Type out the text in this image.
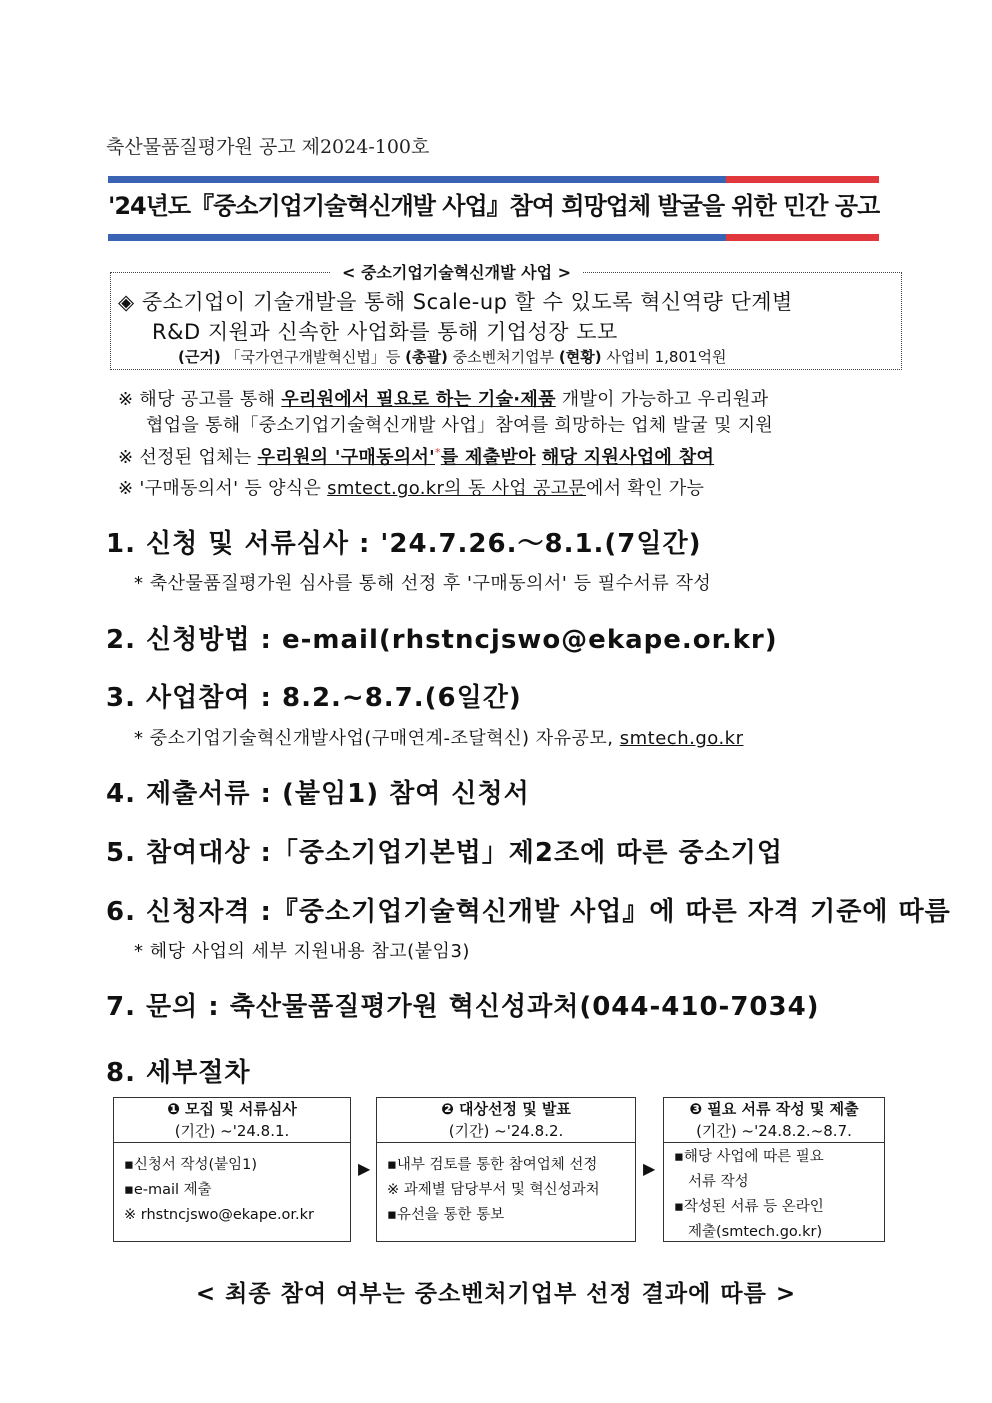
축산물품질평가원 공고 제2024-100호
'24년도『중소기업기술혁신개발 사업』참여 희망업체 발굴을 위한 민간 공고
< 중소기업기술혁신개발 사업 >
◈ 중소기업이 기술개발을 통해 Scale-up 할 수 있도록 혁신역량 단계별
R&D 지원과 신속한 사업화를 통해 기업성장 도모
(근거) 「국가연구개발혁신법」등 (총괄) 중소벤처기업부 (현황) 사업비 1,801억원
※ 해당 공고를 통해 우리원에서 필요로 하는 기술·제품 개발이 가능하고 우리원과
협업을 통해「중소기업기술혁신개발 사업」참여를 희망하는 업체 발굴 및 지원
※ 선정된 업체는 우리원의 '구매동의서'*를 제출받아 해당 지원사업에 참여
※ '구매동의서' 등 양식은 smtect.go.kr의 동 사업 공고문에서 확인 가능
1. 신청 및 서류심사 : '24.7.26.～8.1.(7일간)
* 축산물품질평가원 심사를 통해 선정 후 '구매동의서' 등 필수서류 작성
2. 신청방법 : e-mail(rhstncjswo@ekape.or.kr)
3. 사업참여 : 8.2.~8.7.(6일간)
* 중소기업기술혁신개발사업(구매연계-조달혁신) 자유공모, smtech.go.kr
4. 제출서류 : (붙임1) 참여 신청서
5. 참여대상 :「중소기업기본법」제2조에 따른 중소기업
6. 신청자격 :『중소기업기술혁신개발 사업』에 따른 자격 기준에 따름
* 헤당 사업의 세부 지원내용 참고(붙임3)
7. 문의 : 축산물품질평가원 혁신성과처(044-410-7034)
8. 세부절차
❶ 모집 및 서류심사
(기간) ~'24.8.1.
▪신청서 작성(붙임1)
▪e-mail 제출
※ rhstncjswo@ekape.or.kr
▶
❷ 대상선정 및 발표
(기간) ~'24.8.2.
▪내부 검토를 통한 참여업체 선정
※ 과제별 담당부서 및 혁신성과처
▪유선을 통한 통보
▶
❸ 필요 서류 작성 및 제출
(기간) ~'24.8.2.~8.7.
▪해당 사업에 따른 필요
서류 작성
▪작성된 서류 등 온라인
제출(smtech.go.kr)
< 최종 참여 여부는 중소벤처기업부 선정 결과에 따름 >
